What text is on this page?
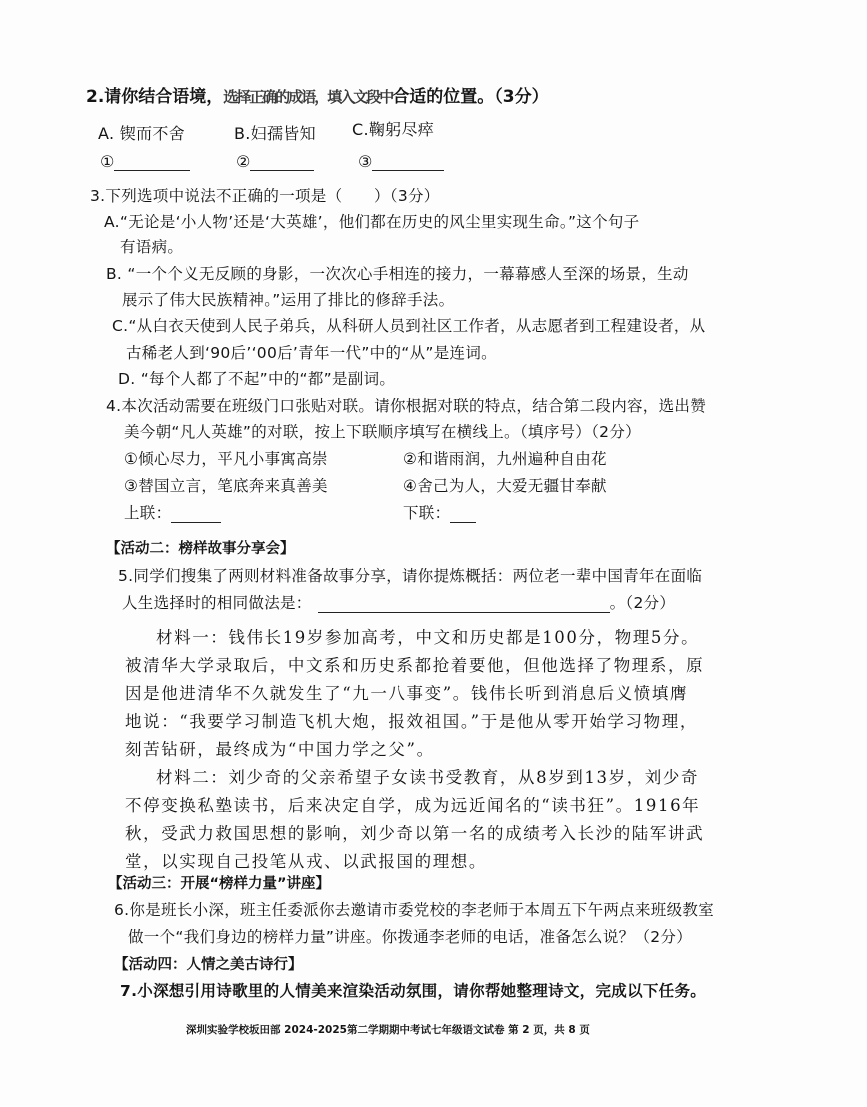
2.请你结合语境，选择正确的成语，填入文段中合适的位置。（3分）
A. 锲而不舍	B.妇孺皆知 C.鞠躬尽瘁
①	②	③
3.下列选项中说法不正确的一项是（　　）（3分）
A.“无论是‘小人物’还是‘大英雄’，他们都在历史的风尘里实现生命。”这个句子
有语病。
B. “一个个义无反顾的身影，一次次心手相连的接力，一幕幕感人至深的场景，生动
展示了伟大民族精神。”运用了排比的修辞手法。
C.“从白衣天使到人民子弟兵，从科研人员到社区工作者，从志愿者到工程建设者，从
古稀老人到‘90后’‘00后’青年一代”中的“从”是连词。
D. “每个人都了不起”中的“都”是副词。
4.本次活动需要在班级门口张贴对联。请你根据对联的特点，结合第二段内容，选出赞
美今朝“凡人英雄”的对联，按上下联顺序填写在横线上。（填序号）（2分）
①倾心尽力，平凡小事寓高崇	②和谐雨润，九州遍种自由花
③替国立言，笔底奔来真善美	④舍己为人，大爱无疆甘奉献
上联：	下联：
【活动二：榜样故事分享会】
5.同学们搜集了两则材料准备故事分享，请你提炼概括：两位老一辈中国青年在面临
人生选择时的相同做法是：	。（2分）
材料一：钱伟长19岁参加高考，中文和历史都是100分，物理5分。
被清华大学录取后，中文系和历史系都抢着要他，但他选择了物理系，原
因是他进清华不久就发生了“九一八事变”。钱伟长听到消息后义愤填膺
地说：“我要学习制造飞机大炮，报效祖国。”于是他从零开始学习物理，
刻苦钻研，最终成为“中国力学之父”。
材料二：刘少奇的父亲希望子女读书受教育，从8岁到13岁，刘少奇
不停变换私塾读书，后来决定自学，成为远近闻名的“读书狂”。1916年
秋，受武力救国思想的影响，刘少奇以第一名的成绩考入长沙的陆军讲武
堂，以实现自己投笔从戎、以武报国的理想。
【活动三：开展“榜样力量”讲座】
6.你是班长小深，班主任委派你去邀请市委党校的李老师于本周五下午两点来班级教室
做一个“我们身边的榜样力量”讲座。你拨通李老师的电话，准备怎么说？（2分）
【活动四：人情之美古诗行】
7.小深想引用诗歌里的人情美来渲染活动氛围，请你帮她整理诗文，完成以下任务。
深圳实验学校坂田部 2024-2025第二学期期中考试七年级语文试卷 第 2 页，共 8 页
